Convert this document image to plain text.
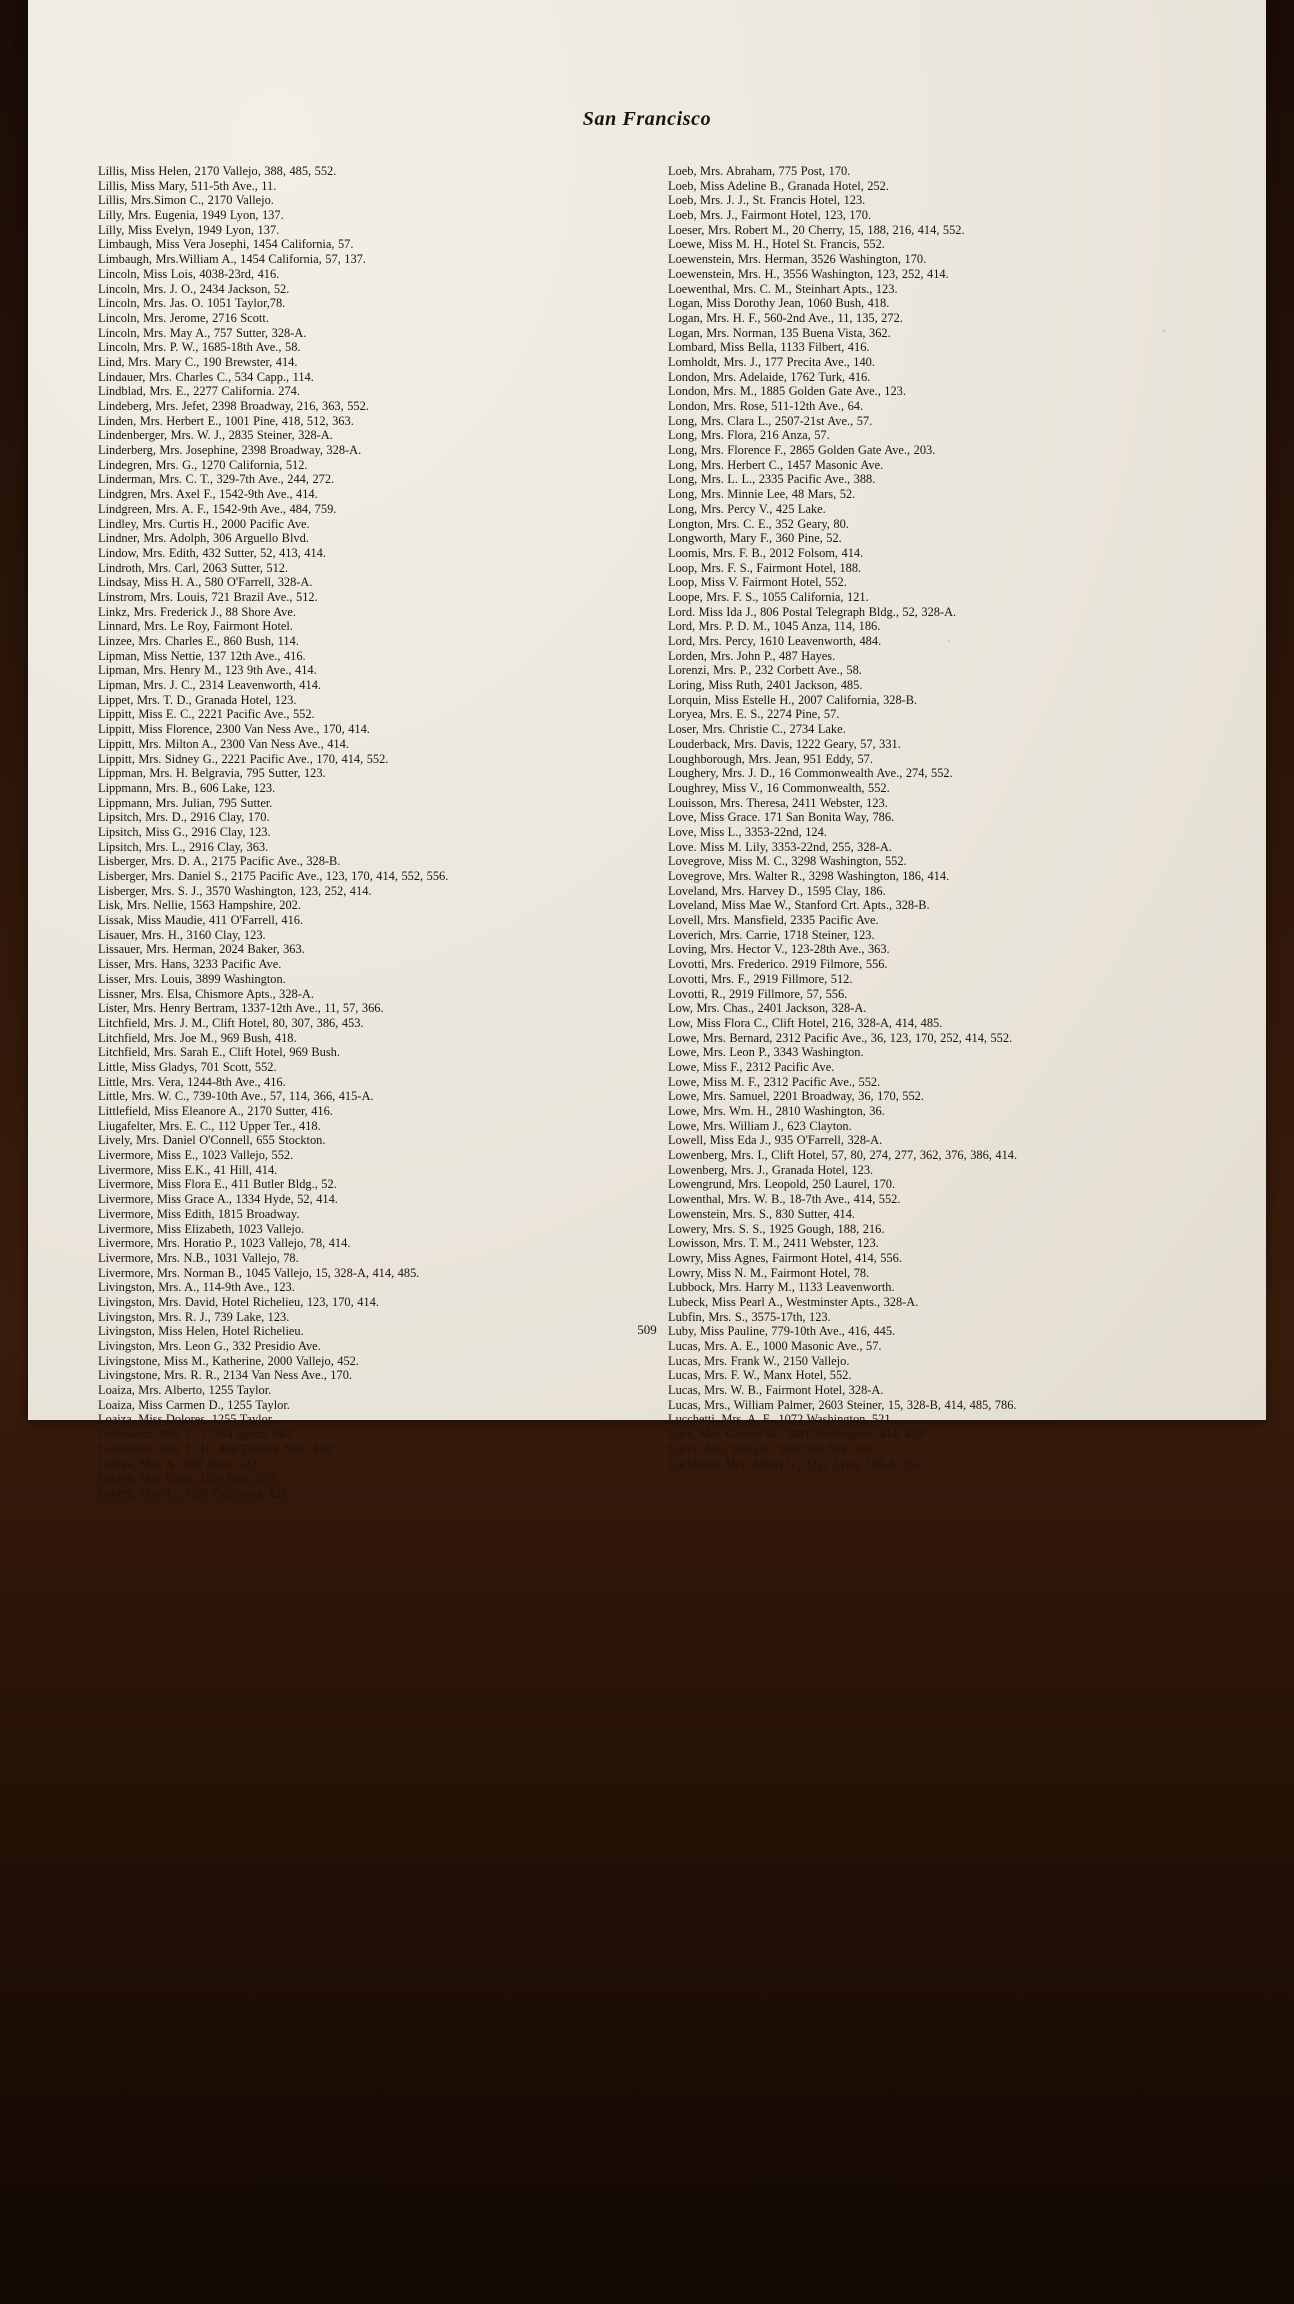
San Francisco
Lillis, Miss Helen, 2170 Vallejo, 388, 485, 552.
Lillis, Miss Mary, 511-5th Ave., 11.
Lillis, Mrs.Simon C., 2170 Vallejo.
Lilly, Mrs. Eugenia, 1949 Lyon, 137.
Lilly, Miss Evelyn, 1949 Lyon, 137.
Limbaugh, Miss Vera Josephi, 1454 California, 57.
Limbaugh, Mrs.William A., 1454 California, 57, 137.
Lincoln, Miss Lois, 4038-23rd, 416.
Lincoln, Mrs. J. O., 2434 Jackson, 52.
Lincoln, Mrs. Jas. O. 1051 Taylor,78.
Lincoln, Mrs. Jerome, 2716 Scott.
Lincoln, Mrs. May A., 757 Sutter, 328-A.
Lincoln, Mrs. P. W., 1685-18th Ave., 58.
Lind, Mrs. Mary C., 190 Brewster, 414.
Lindauer, Mrs. Charles C., 534 Capp., 114.
Lindblad, Mrs. E., 2277 California. 274.
Lindeberg, Mrs. Jefet, 2398 Broadway, 216, 363, 552.
Linden, Mrs. Herbert E., 1001 Pine, 418, 512, 363.
Lindenberger, Mrs. W. J., 2835 Steiner, 328-A.
Linderberg, Mrs. Josephine, 2398 Broadway, 328-A.
Lindegren, Mrs. G., 1270 California, 512.
Linderman, Mrs. C. T., 329-7th Ave., 244, 272.
Lindgren, Mrs. Axel F., 1542-9th Ave., 414.
Lindgreen, Mrs. A. F., 1542-9th Ave., 484, 759.
Lindley, Mrs. Curtis H., 2000 Pacific Ave.
Lindner, Mrs. Adolph, 306 Arguello Blvd.
Lindow, Mrs. Edith, 432 Sutter, 52, 413, 414.
Lindroth, Mrs. Carl, 2063 Sutter, 512.
Lindsay, Miss H. A., 580 O'Farrell, 328-A.
Linstrom, Mrs. Louis, 721 Brazil Ave., 512.
Linkz, Mrs. Frederick J., 88 Shore Ave.
Linnard, Mrs. Le Roy, Fairmont Hotel.
Linzee, Mrs. Charles E., 860 Bush, 114.
Lipman, Miss Nettie, 137 12th Ave., 416.
Lipman, Mrs. Henry M., 123 9th Ave., 414.
Lipman, Mrs. J. C., 2314 Leavenworth, 414.
Lippet, Mrs. T. D., Granada Hotel, 123.
Lippitt, Miss E. C., 2221 Pacific Ave., 552.
Lippitt, Miss Florence, 2300 Van Ness Ave., 170, 414.
Lippitt, Mrs. Milton A., 2300 Van Ness Ave., 414.
Lippitt, Mrs. Sidney G., 2221 Pacific Ave., 170, 414, 552.
Lippman, Mrs. H. Belgravia, 795 Sutter, 123.
Lippmann, Mrs. B., 606 Lake, 123.
Lippmann, Mrs. Julian, 795 Sutter.
Lipsitch, Mrs. D., 2916 Clay, 170.
Lipsitch, Miss G., 2916 Clay, 123.
Lipsitch, Mrs. L., 2916 Clay, 363.
Lisberger, Mrs. D. A., 2175 Pacific Ave., 328-B.
Lisberger, Mrs. Daniel S., 2175 Pacific Ave., 123, 170, 414, 552, 556.
Lisberger, Mrs. S. J., 3570 Washington, 123, 252, 414.
Lisk, Mrs. Nellie, 1563 Hampshire, 202.
Lissak, Miss Maudie, 411 O'Farrell, 416.
Lisauer, Mrs. H., 3160 Clay, 123.
Lissauer, Mrs. Herman, 2024 Baker, 363.
Lisser, Mrs. Hans, 3233 Pacific Ave.
Lisser, Mrs. Louis, 3899 Washington.
Lissner, Mrs. Elsa, Chismore Apts., 328-A.
Lister, Mrs. Henry Bertram, 1337-12th Ave., 11, 57, 366.
Litchfield, Mrs. J. M., Clift Hotel, 80, 307, 386, 453.
Litchfield, Mrs. Joe M., 969 Bush, 418.
Litchfield, Mrs. Sarah E., Clift Hotel, 969 Bush.
Little, Miss Gladys, 701 Scott, 552.
Little, Mrs. Vera, 1244-8th Ave., 416.
Little, Mrs. W. C., 739-10th Ave., 57, 114, 366, 415-A.
Littlefield, Miss Eleanore A., 2170 Sutter, 416.
Liugafelter, Mrs. E. C., 112 Upper Ter., 418.
Lively, Mrs. Daniel O'Connell, 655 Stockton.
Livermore, Miss E., 1023 Vallejo, 552.
Livermore, Miss E.K., 41 Hill, 414.
Livermore, Miss Flora E., 411 Butler Bldg., 52.
Livermore, Miss Grace A., 1334 Hyde, 52, 414.
Livermore, Miss Edith, 1815 Broadway.
Livermore, Miss Elizabeth, 1023 Vallejo.
Livermore, Mrs. Horatio P., 1023 Vallejo, 78, 414.
Livermore, Mrs. N.B., 1031 Vallejo, 78.
Livermore, Mrs. Norman B., 1045 Vallejo, 15, 328-A, 414, 485.
Livingston, Mrs. A., 114-9th Ave., 123.
Livingston, Mrs. David, Hotel Richelieu, 123, 170, 414.
Livingston, Mrs. R. J., 739 Lake, 123.
Livingston, Miss Helen, Hotel Richelieu.
Livingston, Mrs. Leon G., 332 Presidio Ave.
Livingstone, Miss M., Katherine, 2000 Vallejo, 452.
Livingstone, Mrs. R. R., 2134 Van Ness Ave., 170.
Loaiza, Mrs. Alberto, 1255 Taylor.
Loaiza, Miss Carmen D., 1255 Taylor.
Loaiza, Miss Dolores, 1255 Taylor.
Lobenstein, Mrs. J., 1735 Laguna, 363.
Lobenstein, Mrs. L. H., 400 Duboce Ave., 418.
Lobree, Mrs. A., 950 Anza, 123.
Lobree, Mrs. Celia, 1190 Pine, 556.
Lobree, Mrs. L., 4329 California, 123.
Loeb, Mrs. Abraham, 775 Post, 170.
Loeb, Miss Adeline B., Granada Hotel, 252.
Loeb, Mrs. J. J., St. Francis Hotel, 123.
Loeb, Mrs. J., Fairmont Hotel, 123, 170.
Loeser, Mrs. Robert M., 20 Cherry, 15, 188, 216, 414, 552.
Loewe, Miss M. H., Hotel St. Francis, 552.
Loewenstein, Mrs. Herman, 3526 Washington, 170.
Loewenstein, Mrs. H., 3556 Washington, 123, 252, 414.
Loewenthal, Mrs. C. M., Steinhart Apts., 123.
Logan, Miss Dorothy Jean, 1060 Bush, 418.
Logan, Mrs. H. F., 560-2nd Ave., 11, 135, 272.
Logan, Mrs. Norman, 135 Buena Vista, 362.
Lombard, Miss Bella, 1133 Filbert, 416.
Lomholdt, Mrs. J., 177 Precita Ave., 140.
London, Mrs. Adelaide, 1762 Turk, 416.
London, Mrs. M., 1885 Golden Gate Ave., 123.
London, Mrs. Rose, 511-12th Ave., 64.
Long, Mrs. Clara L., 2507-21st Ave., 57.
Long, Mrs. Flora, 216 Anza, 57.
Long, Mrs. Florence F., 2865 Golden Gate Ave., 203.
Long, Mrs. Herbert C., 1457 Masonic Ave.
Long, Mrs. L. L., 2335 Pacific Ave., 388.
Long, Mrs. Minnie Lee, 48 Mars, 52.
Long, Mrs. Percy V., 425 Lake.
Longton, Mrs. C. E., 352 Geary, 80.
Longworth, Mary F., 360 Pine, 52.
Loomis, Mrs. F. B., 2012 Folsom, 414.
Loop, Mrs. F. S., Fairmont Hotel, 188.
Loop, Miss V. Fairmont Hotel, 552.
Loope, Mrs. F. S., 1055 California, 121.
Lord. Miss Ida J., 806 Postal Telegraph Bldg., 52, 328-A.
Lord, Mrs. P. D. M., 1045 Anza, 114, 186.
Lord, Mrs. Percy, 1610 Leavenworth, 484.
Lorden, Mrs. John P., 487 Hayes.
Lorenzi, Mrs. P., 232 Corbett Ave., 58.
Loring, Miss Ruth, 2401 Jackson, 485.
Lorquin, Miss Estelle H., 2007 California, 328-B.
Loryea, Mrs. E. S., 2274 Pine, 57.
Loser, Mrs. Christie C., 2734 Lake.
Louderback, Mrs. Davis, 1222 Geary, 57, 331.
Loughborough, Mrs. Jean, 951 Eddy, 57.
Loughery, Mrs. J. D., 16 Commonwealth Ave., 274, 552.
Loughrey, Miss V., 16 Commonwealth, 552.
Louisson, Mrs. Theresa, 2411 Webster, 123.
Love, Miss Grace. 171 San Bonita Way, 786.
Love, Miss L., 3353-22nd, 124.
Love. Miss M. Lily, 3353-22nd, 255, 328-A.
Lovegrove, Miss M. C., 3298 Washington, 552.
Lovegrove, Mrs. Walter R., 3298 Washington, 186, 414.
Loveland, Mrs. Harvey D., 1595 Clay, 186.
Loveland, Miss Mae W., Stanford Crt. Apts., 328-B.
Lovell, Mrs. Mansfield, 2335 Pacific Ave.
Loverich, Mrs. Carrie, 1718 Steiner, 123.
Loving, Mrs. Hector V., 123-28th Ave., 363.
Lovotti, Mrs. Frederico. 2919 Filmore, 556.
Lovotti, Mrs. F., 2919 Fillmore, 512.
Lovotti, R., 2919 Fillmore, 57, 556.
Low, Mrs. Chas., 2401 Jackson, 328-A.
Low, Miss Flora C., Clift Hotel, 216, 328-A, 414, 485.
Lowe, Mrs. Bernard, 2312 Pacific Ave., 36, 123, 170, 252, 414, 552.
Lowe, Mrs. Leon P., 3343 Washington.
Lowe, Miss F., 2312 Pacific Ave.
Lowe, Miss M. F., 2312 Pacific Ave., 552.
Lowe, Mrs. Samuel, 2201 Broadway, 36, 170, 552.
Lowe, Mrs. Wm. H., 2810 Washington, 36.
Lowe, Mrs. William J., 623 Clayton.
Lowell, Miss Eda J., 935 O'Farrell, 328-A.
Lowenberg, Mrs. I., Clift Hotel, 57, 80, 274, 277, 362, 376, 386, 414.
Lowenberg, Mrs. J., Granada Hotel, 123.
Lowengrund, Mrs. Leopold, 250 Laurel, 170.
Lowenthal, Mrs. W. B., 18-7th Ave., 414, 552.
Lowenstein, Mrs. S., 830 Sutter, 414.
Lowery, Mrs. S. S., 1925 Gough, 188, 216.
Lowisson, Mrs. T. M., 2411 Webster, 123.
Lowry, Miss Agnes, Fairmont Hotel, 414, 556.
Lowry, Miss N. M., Fairmont Hotel, 78.
Lubbock, Mrs. Harry M., 1133 Leavenworth.
Lubeck, Miss Pearl A., Westminster Apts., 328-A.
Lubfin, Mrs. S., 3575-17th, 123.
Luby, Miss Pauline, 779-10th Ave., 416, 445.
Lucas, Mrs. A. E., 1000 Masonic Ave., 57.
Lucas, Mrs. Frank W., 2150 Vallejo.
Lucas, Mrs. F. W., Manx Hotel, 552.
Lucas, Mrs. W. B., Fairmont Hotel, 328-A.
Lucas, Mrs., William Palmer, 2603 Steiner, 15, 328-B, 414, 485, 786.
Lucchetti, Mrs. A. F., 1072 Washington, 521.
Luce, Mrs. George W., 3481 Washington, 414, 453
Lucey, Mrs. Viola B., 553-15th Ave., 58.
Luchinger, Mrs. Albert G., 2222 Lyon, 328-A, 552.
509
